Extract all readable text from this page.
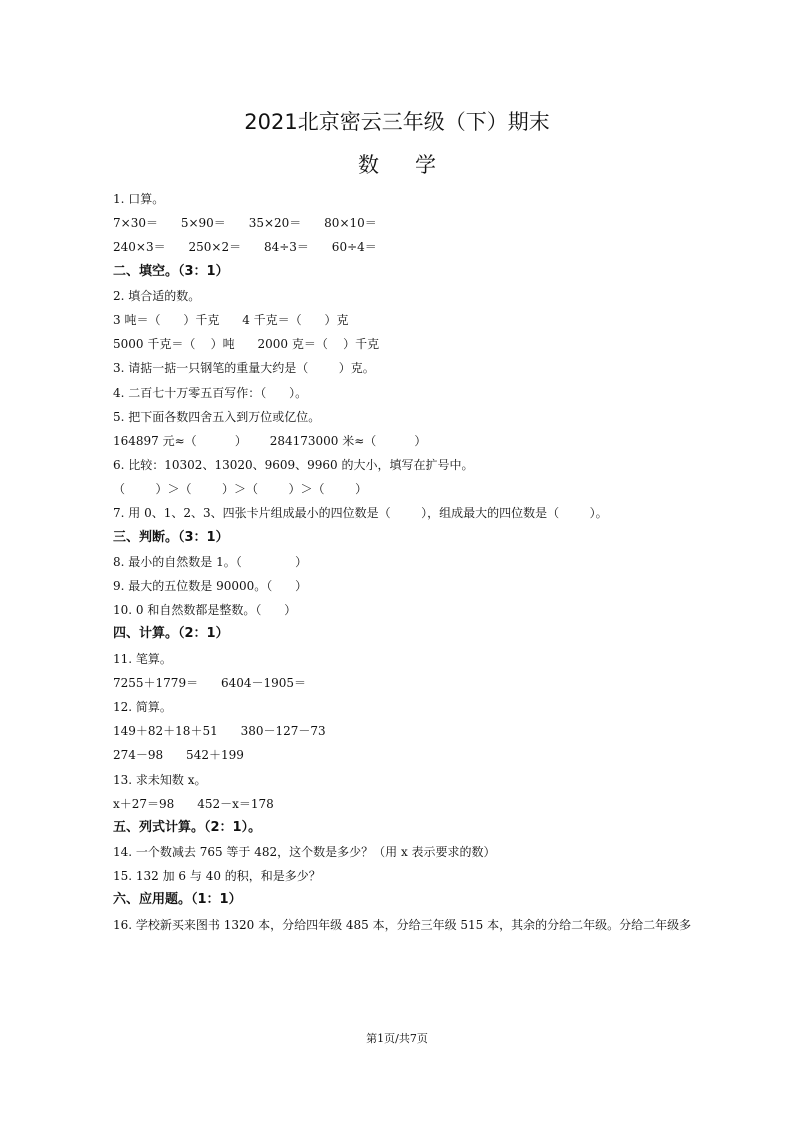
2021北京密云三年级（下）期末
数学
1. 口算。
7×30＝      5×90＝      35×20＝      80×10＝
240×3＝      250×2＝      84÷3＝      60÷4＝
二、填空。（3：1）
2. 填合适的数。
3 吨＝（      ）千克      4 千克＝（      ）克
5000 千克＝（    ）吨      2000 克＝（    ）千克
3. 请掂一掂一只钢笔的重量大约是（        ）克。
4. 二百七十万零五百写作：（      ）。
5. 把下面各数四舍五入到万位或亿位。
164897 元≈（          ）      284173000 米≈（          ）
6. 比较：10302、13020、9609、9960 的大小，填写在扩号中。
（        ）＞（        ）＞（        ）＞（        ）
7. 用 0、1、2、3、四张卡片组成最小的四位数是（        ），组成最大的四位数是（        ）。
三、判断。（3：1）
8. 最小的自然数是 1。（              ）
9. 最大的五位数是 90000。（      ）
10. 0 和自然数都是整数。（      ）
四、计算。（2：1）
11. 笔算。
7255＋1779＝      6404－1905＝
12. 简算。
149＋82＋18＋51      380－127－73
274－98      542＋199
13. 求未知数 x。
x＋27＝98      452－x＝178
五、列式计算。（2：1）。
14. 一个数减去 765 等于 482，这个数是多少？（用 x 表示要求的数）
15. 132 加 6 与 40 的积，和是多少？
六、应用题。（1：1）
16. 学校新买来图书 1320 本，分给四年级 485 本，分给三年级 515 本，其余的分给二年级。分给二年级多
第1页/共7页
